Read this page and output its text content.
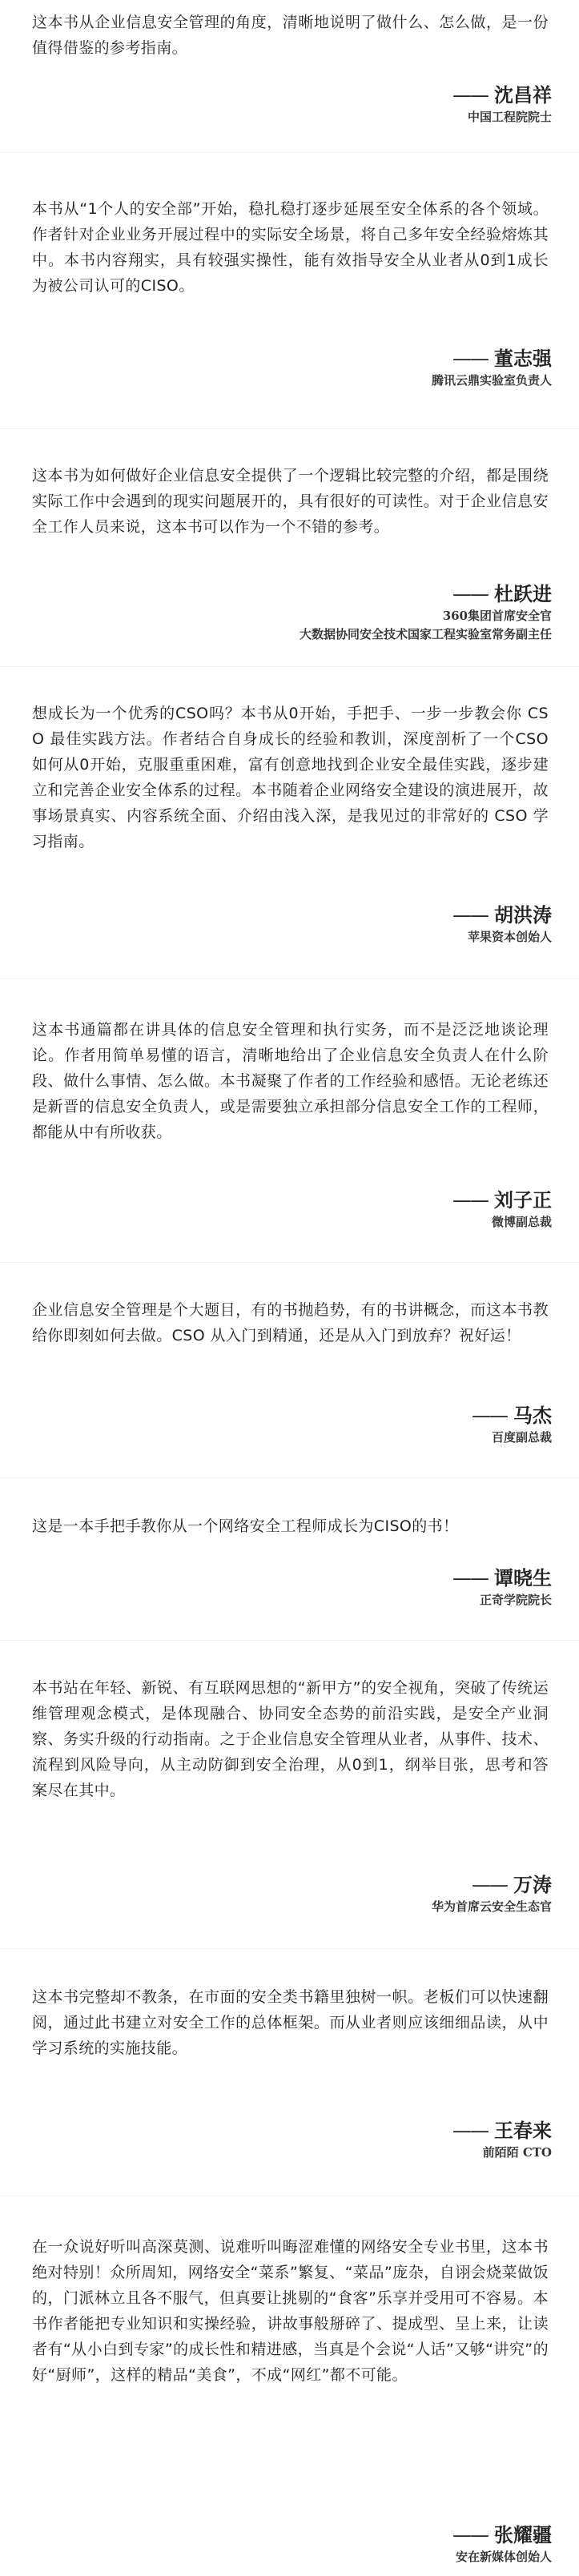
这本书从企业信息安全管理的角度，清晰地说明了做什么、怎么做，是一份值得借鉴的参考指南。

—— 沈昌祥
中国工程院院士

本书从“1个人的安全部”开始，稳扎稳打逐步延展至安全体系的各个领域。作者针对企业业务开展过程中的实际安全场景，将自己多年安全经验熔炼其中。本书内容翔实，具有较强实操性，能有效指导安全从业者从0到1成长为被公司认可的CISO。

—— 董志强
腾讯云鼎实验室负责人

这本书为如何做好企业信息安全提供了一个逻辑比较完整的介绍，都是围绕实际工作中会遇到的现实问题展开的，具有很好的可读性。对于企业信息安全工作人员来说，这本书可以作为一个不错的参考。

—— 杜跃进
360集团首席安全官
大数据协同安全技术国家工程实验室常务副主任

想成长为一个优秀的CSO吗？本书从0开始，手把手、一步一步教会你 CSO 最佳实践方法。作者结合自身成长的经验和教训，深度剖析了一个CSO如何从0开始，克服重重困难，富有创意地找到企业安全最佳实践，逐步建立和完善企业安全体系的过程。本书随着企业网络安全建设的演进展开，故事场景真实、内容系统全面、介绍由浅入深，是我见过的非常好的 CSO 学习指南。

—— 胡洪涛
苹果资本创始人

这本书通篇都在讲具体的信息安全管理和执行实务，而不是泛泛地谈论理论。作者用简单易懂的语言，清晰地给出了企业信息安全负责人在什么阶段、做什么事情、怎么做。本书凝聚了作者的工作经验和感悟。无论老练还是新晋的信息安全负责人，或是需要独立承担部分信息安全工作的工程师，都能从中有所收获。

—— 刘子正
微博副总裁

企业信息安全管理是个大题目，有的书抛趋势，有的书讲概念，而这本书教给你即刻如何去做。CSO 从入门到精通，还是从入门到放弃？祝好运！

—— 马杰
百度副总裁

这是一本手把手教你从一个网络安全工程师成长为CISO的书！

—— 谭晓生
正奇学院院长

本书站在年轻、新锐、有互联网思想的“新甲方”的安全视角，突破了传统运维管理观念模式，是体现融合、协同安全态势的前沿实践，是安全产业洞察、务实升级的行动指南。之于企业信息安全管理从业者，从事件、技术、流程到风险导向，从主动防御到安全治理，从0到1，纲举目张，思考和答案尽在其中。

—— 万涛
华为首席云安全生态官

这本书完整却不教条，在市面的安全类书籍里独树一帜。老板们可以快速翻阅，通过此书建立对安全工作的总体框架。而从业者则应该细细品读，从中学习系统的实施技能。

—— 王春来
前陌陌 CTO

在一众说好听叫高深莫测、说难听叫晦涩难懂的网络安全专业书里，这本书绝对特别！众所周知，网络安全“菜系”繁复、“菜品”庞杂，自诩会烧菜做饭的，门派林立且各不服气，但真要让挑剔的“食客”乐享并受用可不容易。本书作者能把专业知识和实操经验，讲故事般掰碎了、提成型、呈上来，让读者有“从小白到专家”的成长性和精进感，当真是个会说“人话”又够“讲究”的好“厨师”，这样的精品“美食”，不成“网红”都不可能。

—— 张耀疆
安在新媒体创始人
